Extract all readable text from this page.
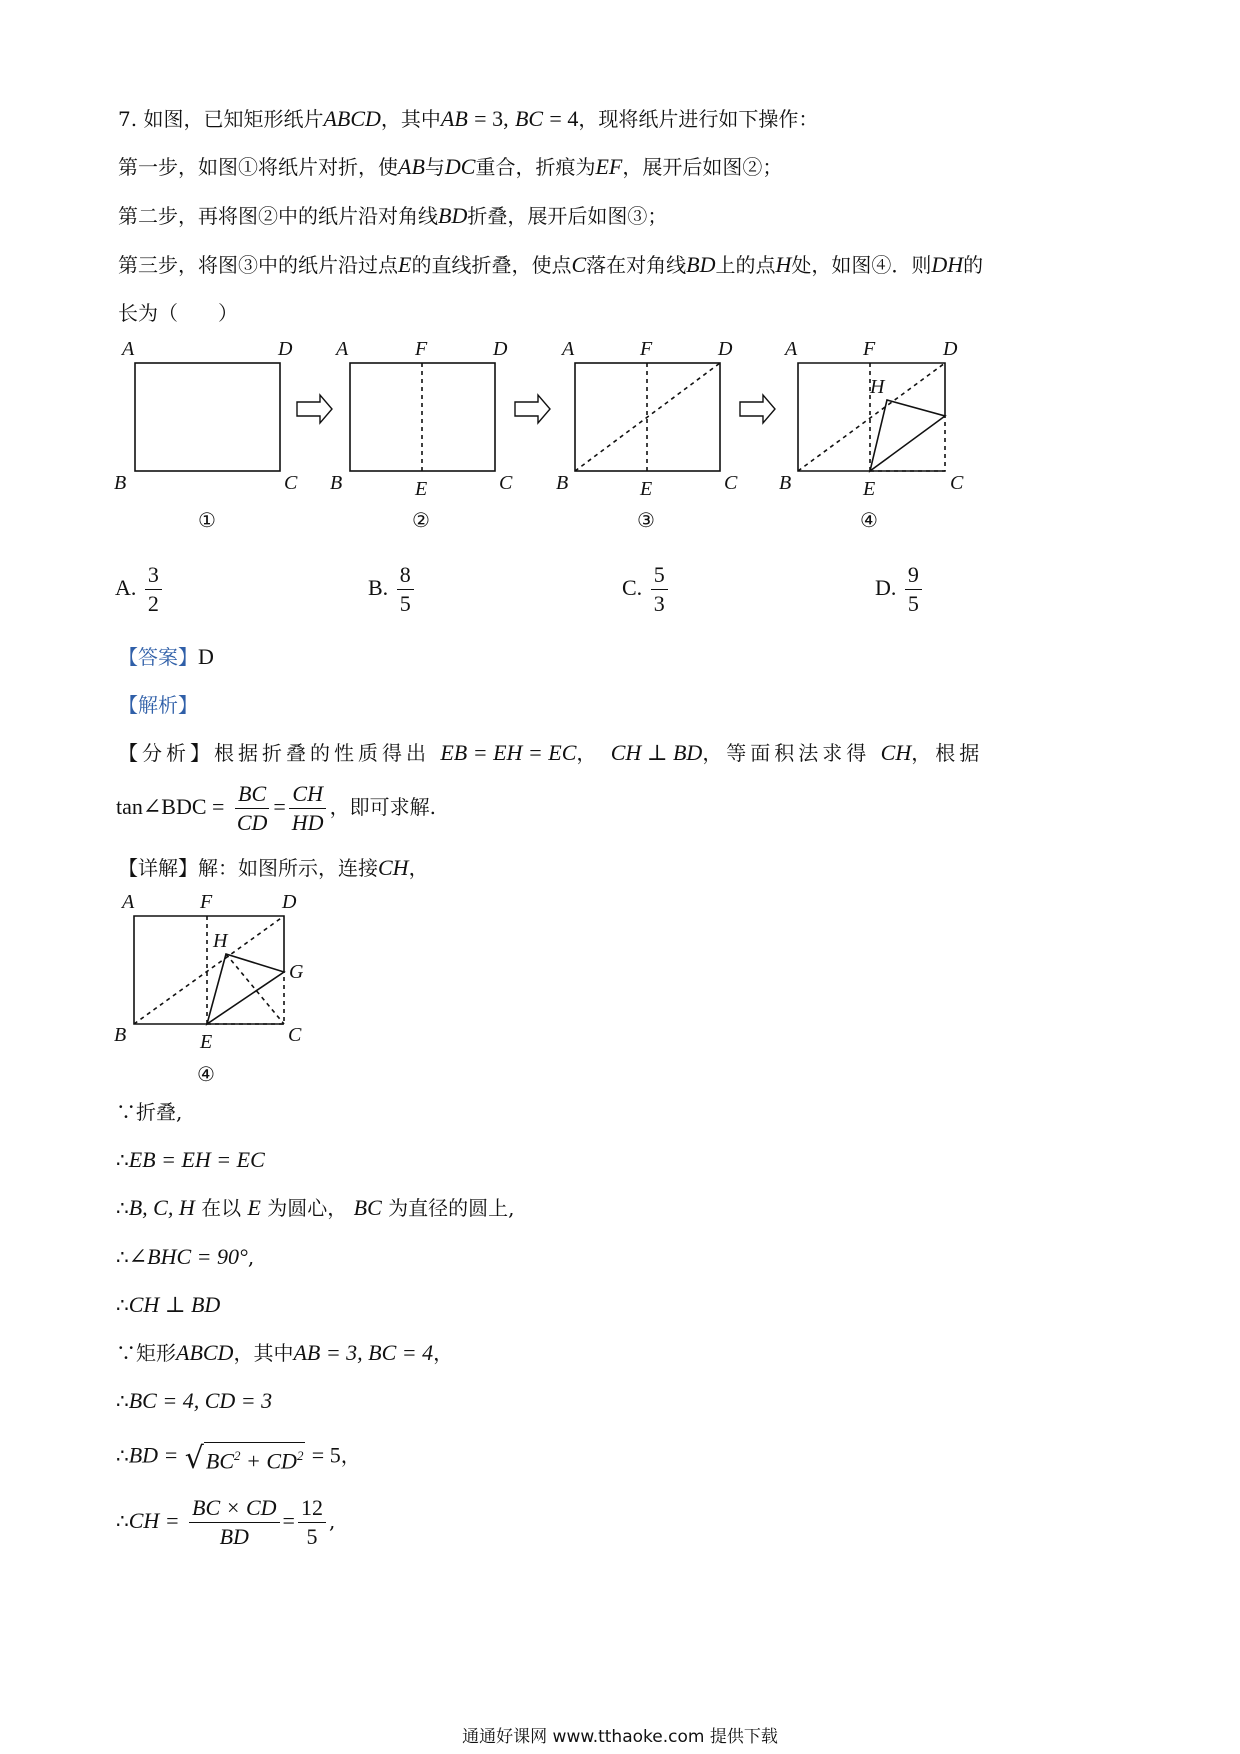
7. 如图，已知矩形纸片ABCD，其中AB = 3, BC = 4，现将纸片进行如下操作：
第一步，如图①将纸片对折，使AB与DC重合，折痕为EF，展开后如图②；
第二步，再将图②中的纸片沿对角线BD折叠，展开后如图③；
第三步，将图③中的纸片沿过点E的直线折叠，使点C落在对角线BD上的点H处，如图④．则DH的
长为（　　）
A	D
B	C
①
A	F	D
B	E	C
②
A	F	D
B	E	C
③
A	F	D
H
B	E	C
④
A. $\frac{3}{2}$	B. $\frac{8}{5}$	C. $\frac{5}{3}$	D. $\frac{9}{5}$
【答案】D
【解析】
【分析】根据折叠的性质得出 EB = EH = EC， CH ⊥ BD，等面积法求得 CH，根据
tan∠BDC = $\frac{BC}{CD} = \frac{CH}{HD}$ ，即可求解.
【详解】解：如图所示，连接CH，
A	F	D
H
G
B	E	C
④
∵折叠,
∴EB = EH = EC
∴B, C, H 在以 E 为圆心， BC 为直径的圆上,
∴∠BHC = 90°,
∴CH ⊥ BD
∵矩形ABCD，其中AB = 3, BC = 4，
∴BC = 4, CD = 3
∴BD = √ $BC^2 + CD^2 = 5$，
∴CH = $\frac{BC \times CD}{BD} = \frac{12}{5}$ ,
通通好课网 www.tthaoke.com 提供下载
